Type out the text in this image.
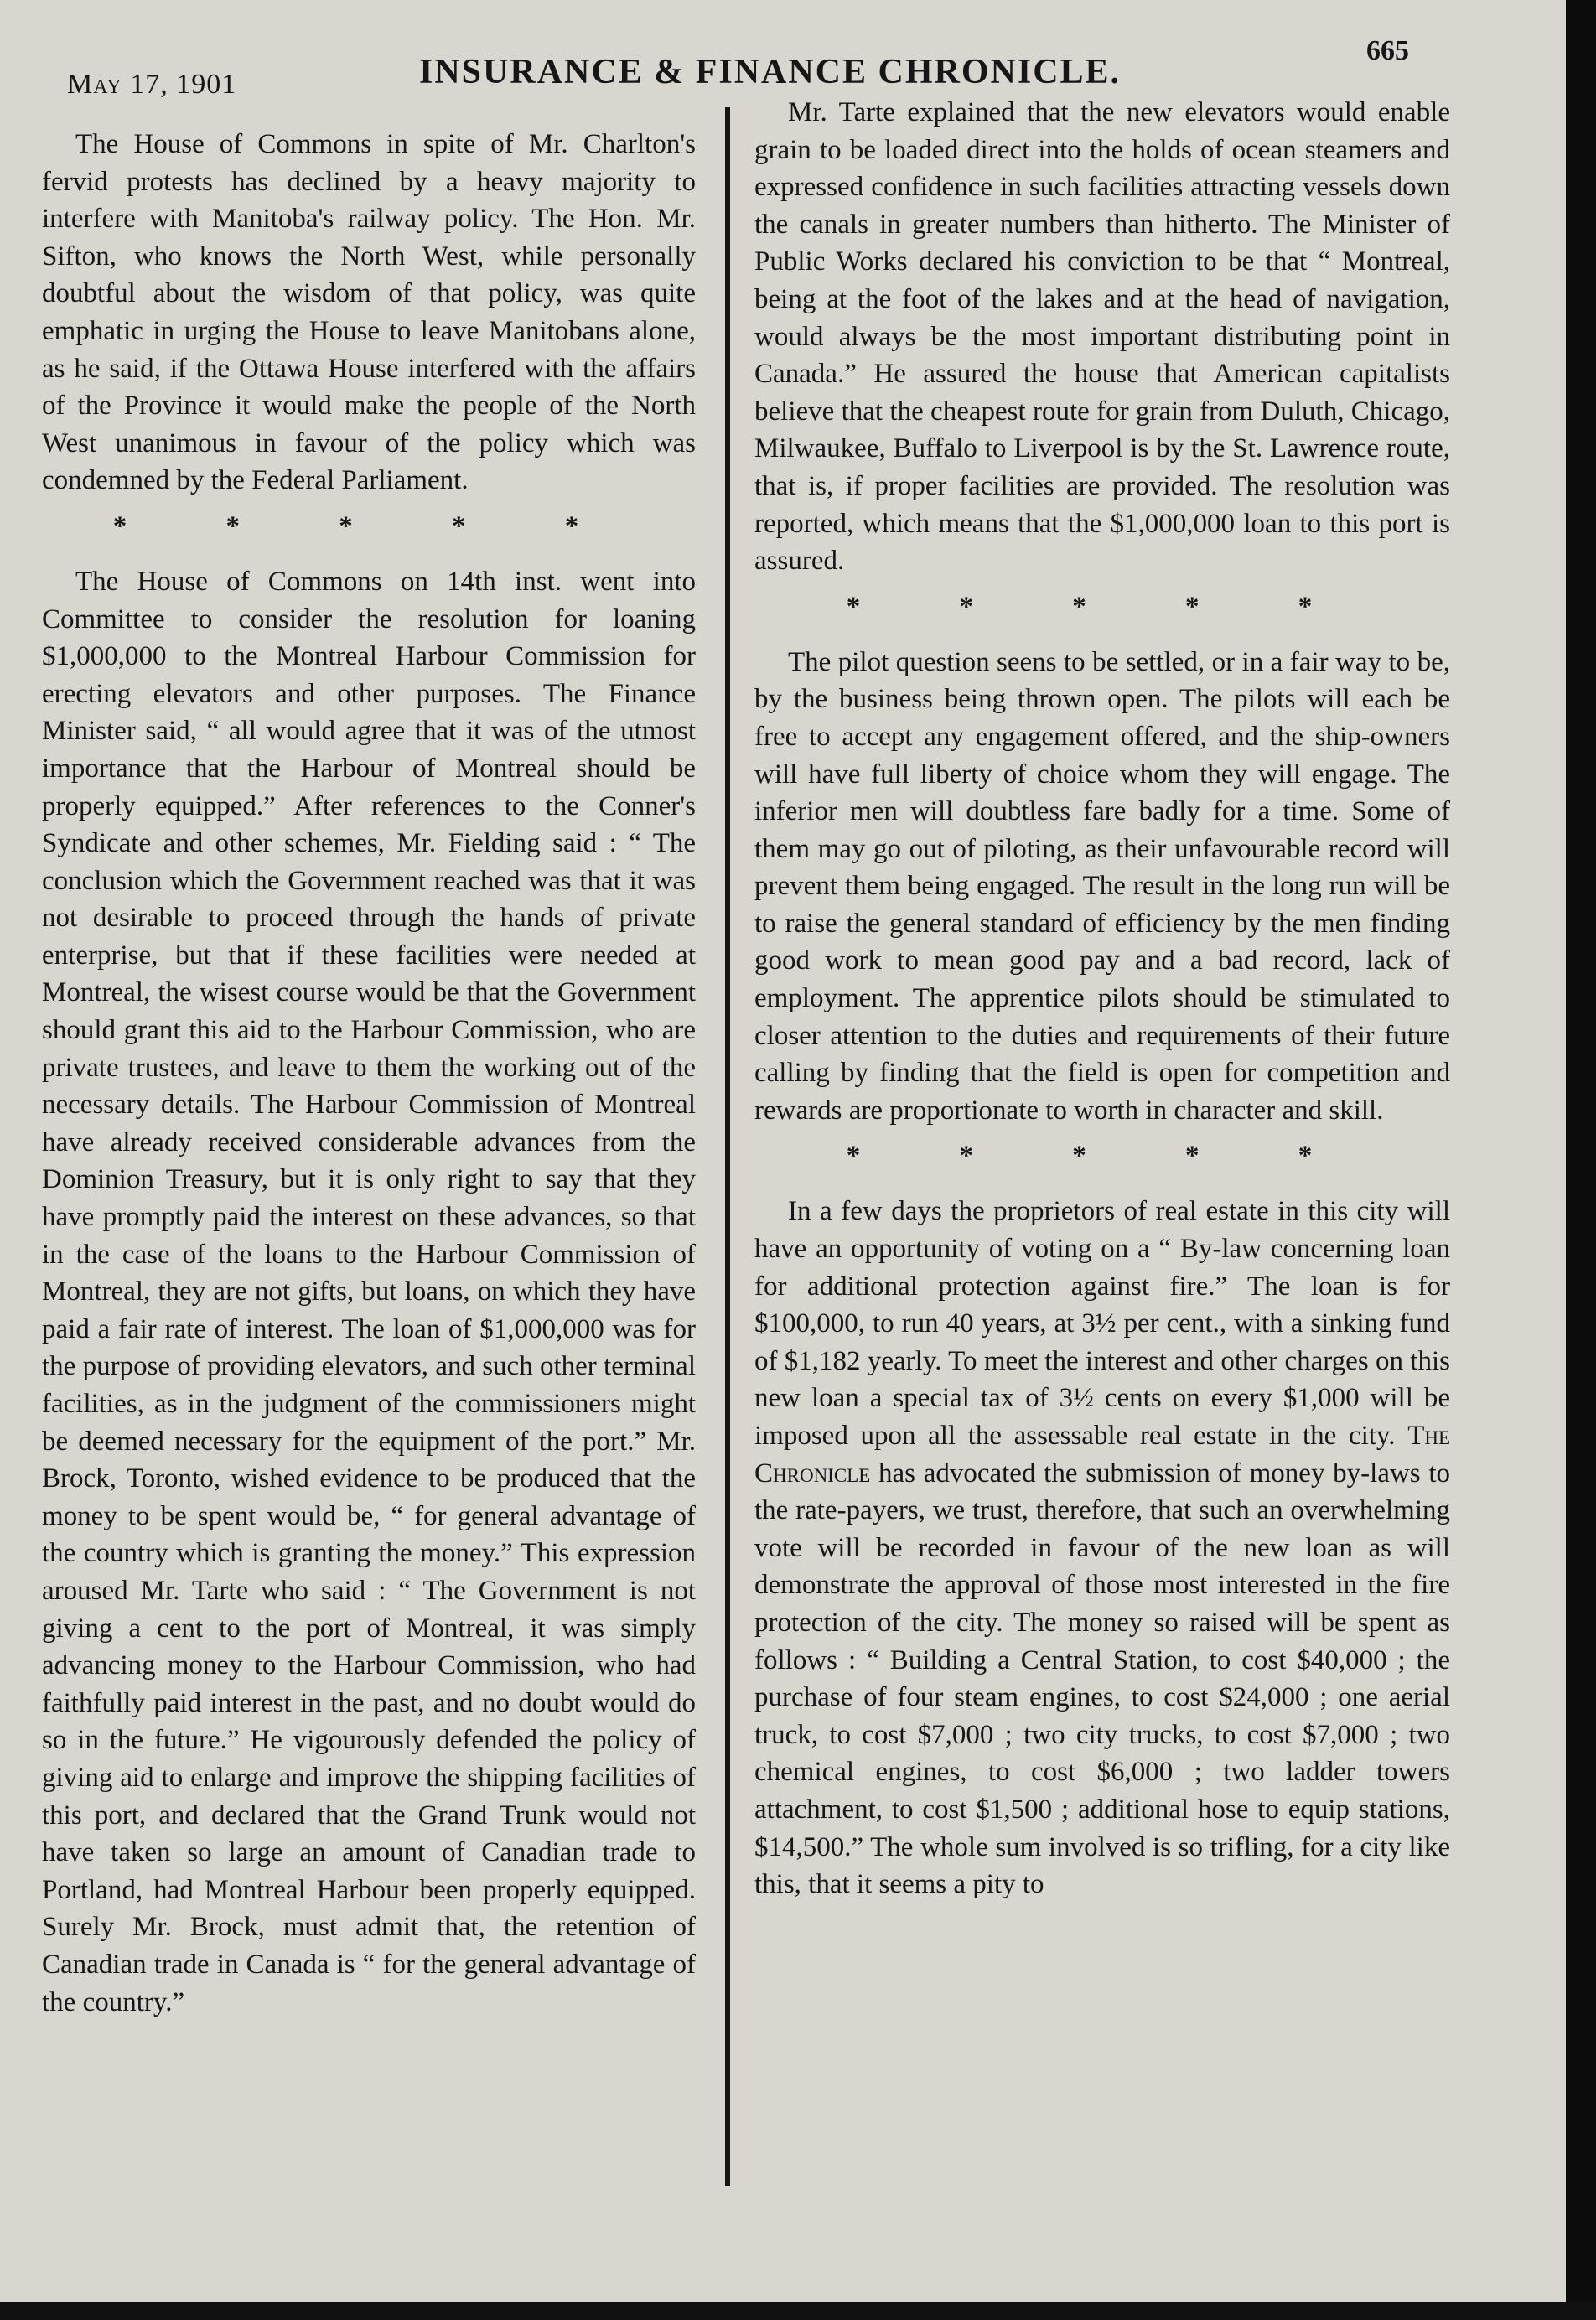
May 17, 1901	INSURANCE & FINANCE CHRONICLE.
665

The House of Commons in spite of Mr. Charlton's fervid protests has declined by a heavy majority to interfere with Manitoba's railway policy. The Hon. Mr. Sifton, who knows the North West, while personally doubtful about the wisdom of that policy, was quite emphatic in urging the House to leave Manitobans alone, as he said, if the Ottawa House interfered with the affairs of the Province it would make the people of the North West unanimous in favour of the policy which was condemned by the Federal Parliament.

* * * * *

The House of Commons on 14th inst. went into Committee to consider the resolution for loaning $1,000,000 to the Montreal Harbour Commission for erecting elevators and other purposes. The Finance Minister said, “ all would agree that it was of the utmost importance that the Harbour of Montreal should be properly equipped.” After references to the Conner's Syndicate and other schemes, Mr. Fielding said : “ The conclusion which the Government reached was that it was not desirable to proceed through the hands of private enterprise, but that if these facilities were needed at Montreal, the wisest course would be that the Government should grant this aid to the Harbour Commission, who are private trustees, and leave to them the working out of the necessary details. The Harbour Commission of Montreal have already received considerable advances from the Dominion Treasury, but it is only right to say that they have promptly paid the interest on these advances, so that in the case of the loans to the Harbour Commission of Montreal, they are not gifts, but loans, on which they have paid a fair rate of interest. The loan of $1,000,000 was for the purpose of providing elevators, and such other terminal facilities, as in the judgment of the commissioners might be deemed necessary for the equipment of the port.” Mr. Brock, Toronto, wished evidence to be produced that the money to be spent would be, “ for general advantage of the country which is granting the money.” This expression aroused Mr. Tarte who said : “ The Government is not giving a cent to the port of Montreal, it was simply advancing money to the Harbour Commission, who had faithfully paid interest in the past, and no doubt would do so in the future.” He vigourously defended the policy of giving aid to enlarge and improve the shipping facilities of this port, and declared that the Grand Trunk would not have taken so large an amount of Canadian trade to Portland, had Montreal Harbour been properly equipped. Surely Mr. Brock, must admit that, the retention of Canadian trade in Canada is “ for the general advantage of the country.”

Mr. Tarte explained that the new elevators would enable grain to be loaded direct into the holds of ocean steamers and expressed confidence in such facilities attracting vessels down the canals in greater numbers than hitherto. The Minister of Public Works declared his conviction to be that “ Montreal, being at the foot of the lakes and at the head of navigation, would always be the most important distributing point in Canada.” He assured the house that American capitalists believe that the cheapest route for grain from Duluth, Chicago, Milwaukee, Buffalo to Liverpool is by the St. Lawrence route, that is, if proper facilities are provided. The resolution was reported, which means that the $1,000,000 loan to this port is assured.

* * * * *

The pilot question seens to be settled, or in a fair way to be, by the business being thrown open. The pilots will each be free to accept any engagement offered, and the ship-owners will have full liberty of choice whom they will engage. The inferior men will doubtless fare badly for a time. Some of them may go out of piloting, as their unfavourable record will prevent them being engaged. The result in the long run will be to raise the general standard of efficiency by the men finding good work to mean good pay and a bad record, lack of employment. The apprentice pilots should be stimulated to closer attention to the duties and requirements of their future calling by finding that the field is open for competition and rewards are proportionate to worth in character and skill.

* * * * *

In a few days the proprietors of real estate in this city will have an opportunity of voting on a “ By-law concerning loan for additional protection against fire.” The loan is for $100,000, to run 40 years, at 3½ per cent., with a sinking fund of $1,182 yearly. To meet the interest and other charges on this new loan a special tax of 3½ cents on every $1,000 will be imposed upon all the assessable real estate in the city. The Chronicle has advocated the submission of money by-laws to the rate-payers, we trust, therefore, that such an overwhelming vote will be recorded in favour of the new loan as will demonstrate the approval of those most interested in the fire protection of the city. The money so raised will be spent as follows : “ Building a Central Station, to cost $40,000 ; the purchase of four steam engines, to cost $24,000 ; one aerial truck, to cost $7,000 ; two city trucks, to cost $7,000 ; two chemical engines, to cost $6,000 ; two ladder towers attachment, to cost $1,500 ; additional hose to equip stations, $14,500.” The whole sum involved is so trifling, for a city like this, that it seems a pity to
